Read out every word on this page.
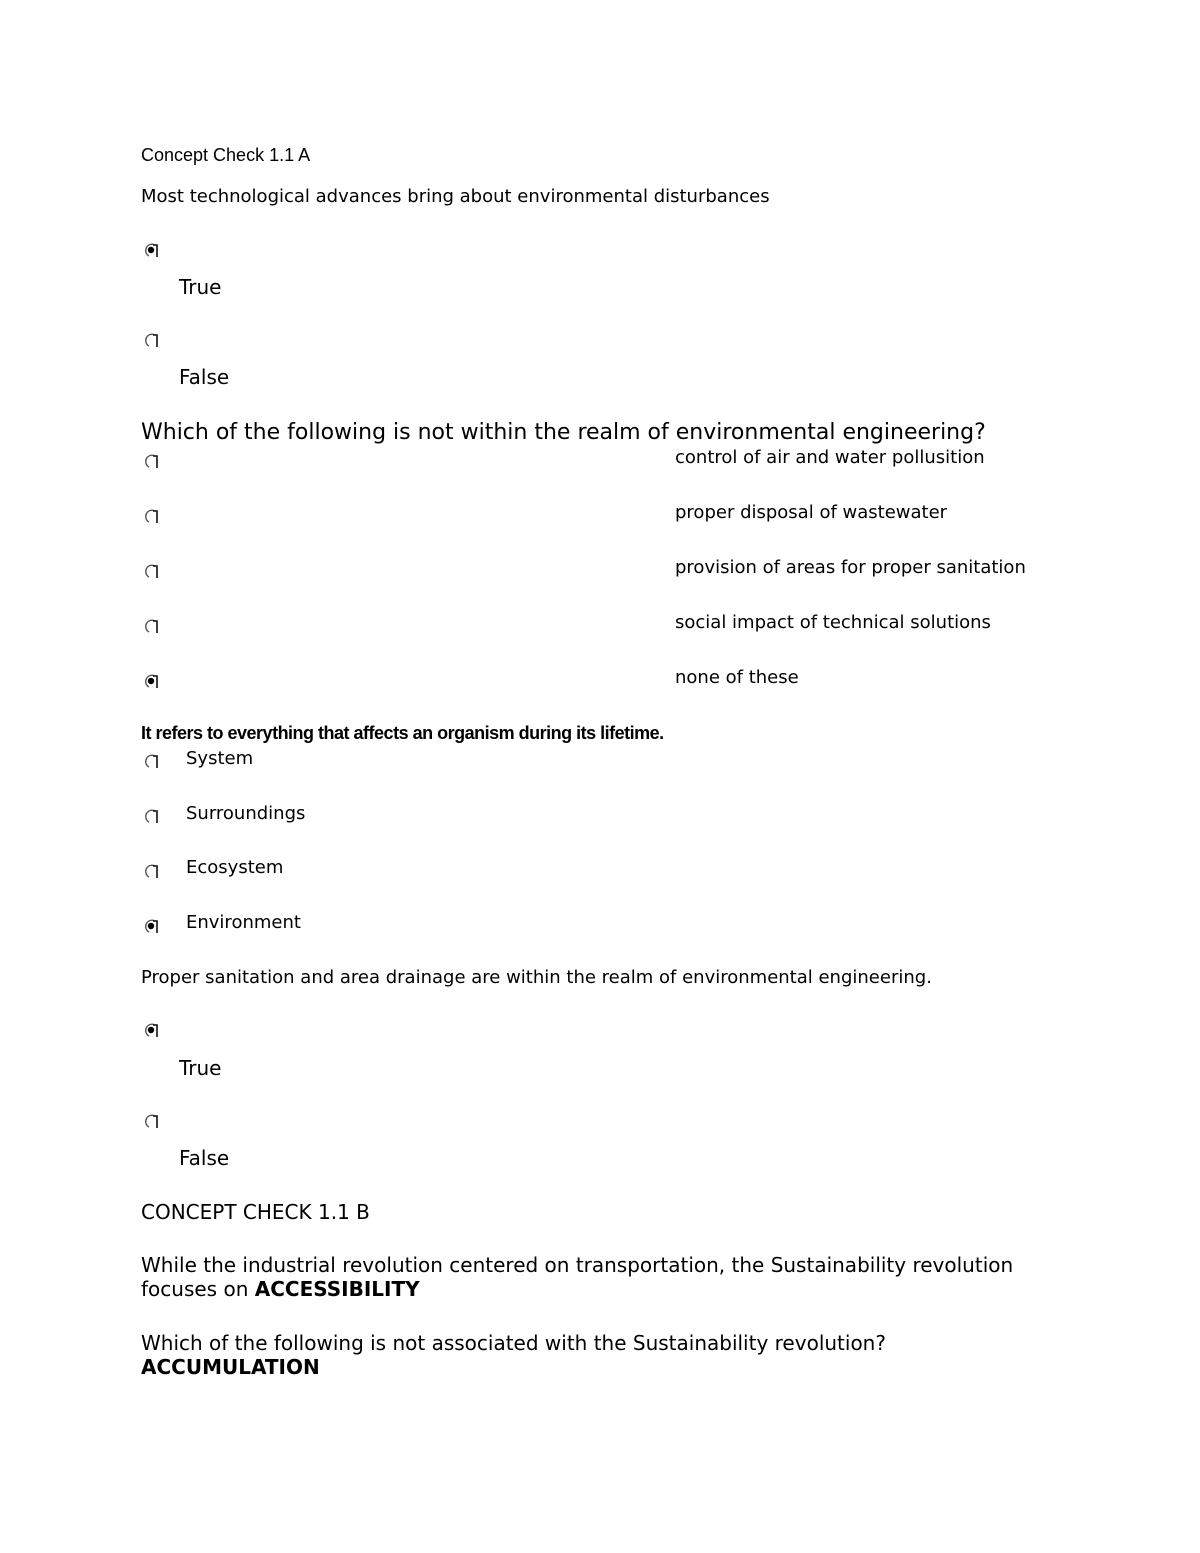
Concept Check 1.1 A
Most technological advances bring about environmental disturbances
True
False
Which of the following is not within the realm of environmental engineering?
control of air and water pollusition
proper disposal of wastewater
provision of areas for proper sanitation
social impact of technical solutions
none of these
It refers to everything that affects an organism during its lifetime.
System
Surroundings
Ecosystem
Environment
Proper sanitation and area drainage are within the realm of environmental engineering.
True
False
CONCEPT CHECK 1.1 B
While the industrial revolution centered on transportation, the Sustainability revolution
focuses on ACCESSIBILITY
Which of the following is not associated with the Sustainability revolution?
ACCUMULATION
